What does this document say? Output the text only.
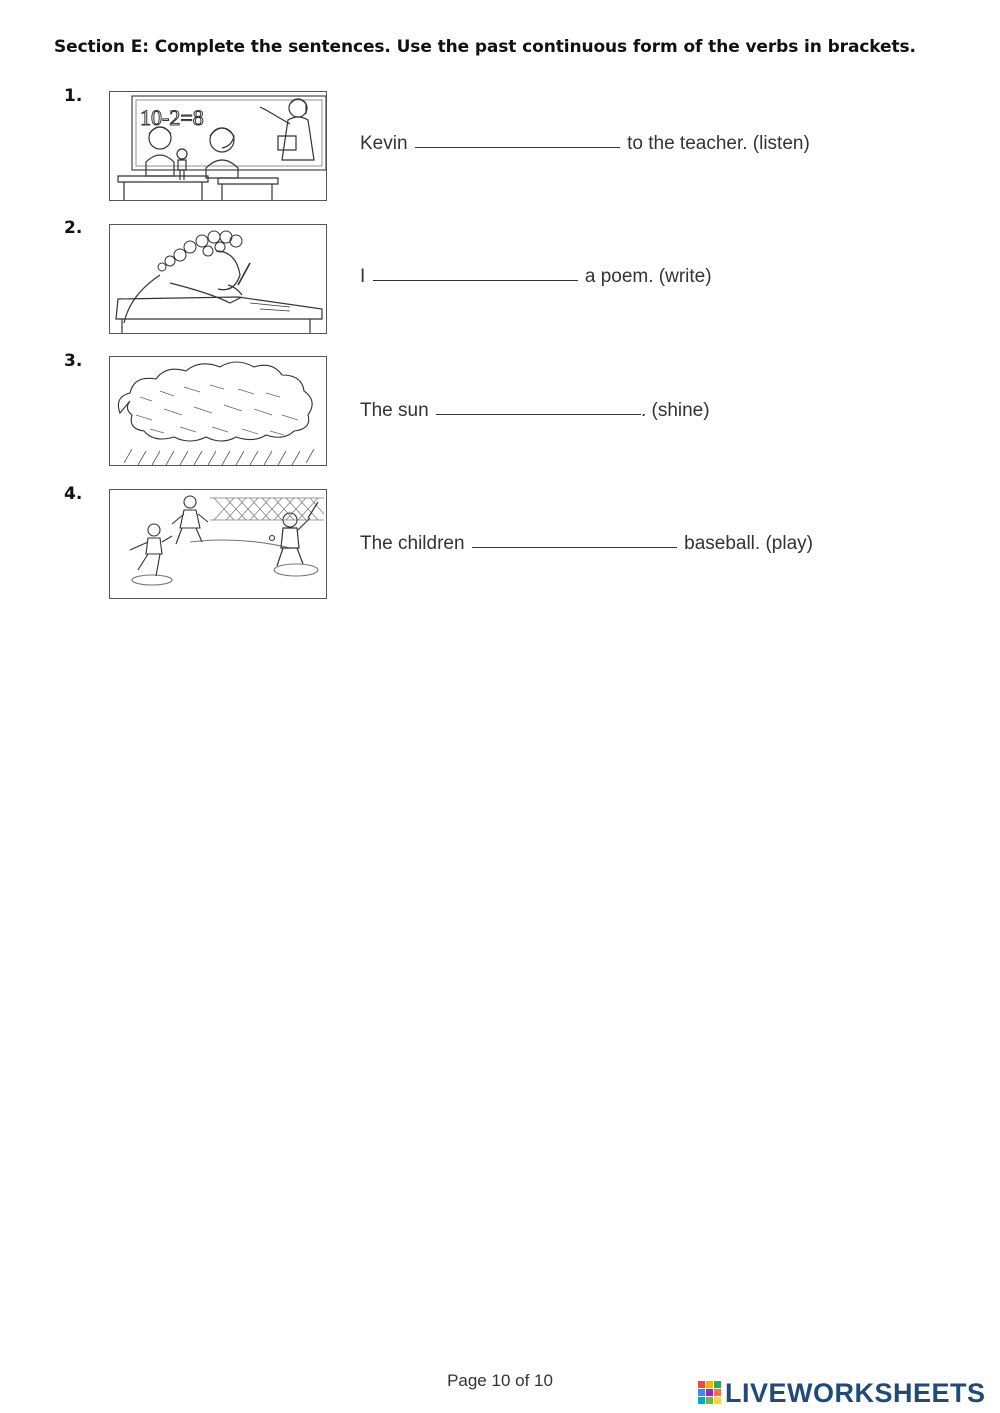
Section E: Complete the sentences. Use the past continuous form of the verbs in brackets.
1.
10-2=8
Kevin	to the teacher. (listen)
2.
I	a poem. (write)
3.
The sun	. (shine)
4.
The children	baseball. (play)
Page 10 of 10	LIVEWORKSHEETS
